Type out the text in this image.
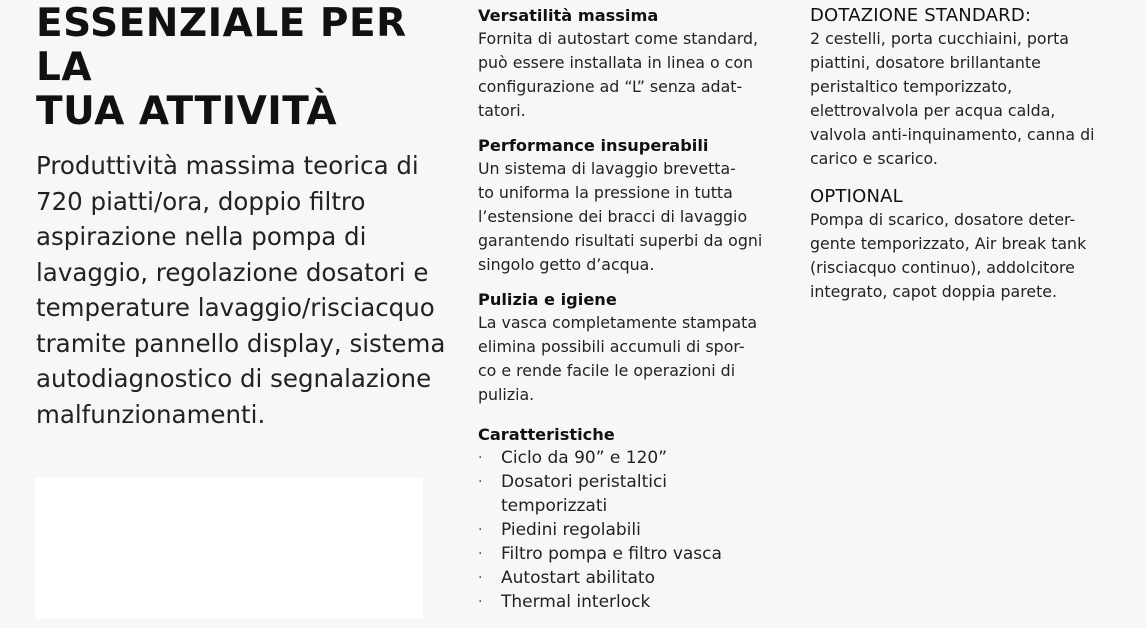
ESSENZIALE PER LA
TUA ATTIVITÀ

Produttività massima teorica di
720 piatti/ora, doppio filtro
aspirazione nella pompa di
lavaggio, regolazione dosatori e
temperature lavaggio/risciacquo
tramite pannello display, sistema
autodiagnostico di segnalazione
malfunzionamenti.

Versatilità massima

Fornita di autostart come standard,
può essere installata in linea o con
configurazione ad “L” senza adat-
tatori.

Performance insuperabili

Un sistema di lavaggio brevetta-
to uniforma la pressione in tutta
l’estensione dei bracci di lavaggio
garantendo risultati superbi da ogni
singolo getto d’acqua.

Pulizia e igiene

La vasca completamente stampata
elimina possibili accumuli di spor-
co e rende facile le operazioni di
pulizia.

Caratteristiche

· Ciclo da 90” e 120”
· Dosatori peristaltici temporizzati
· Piedini regolabili
· Filtro pompa e filtro vasca
· Autostart abilitato
· Thermal interlock

DOTAZIONE STANDARD:

2 cestelli, porta cucchiaini, porta
piattini, dosatore brillantante
peristaltico temporizzato,
elettrovalvola per acqua calda,
valvola anti-inquinamento, canna di
carico e scarico.

OPTIONAL

Pompa di scarico, dosatore deter-
gente temporizzato, Air break tank
(risciacquo continuo), addolcitore
integrato, capot doppia parete.
